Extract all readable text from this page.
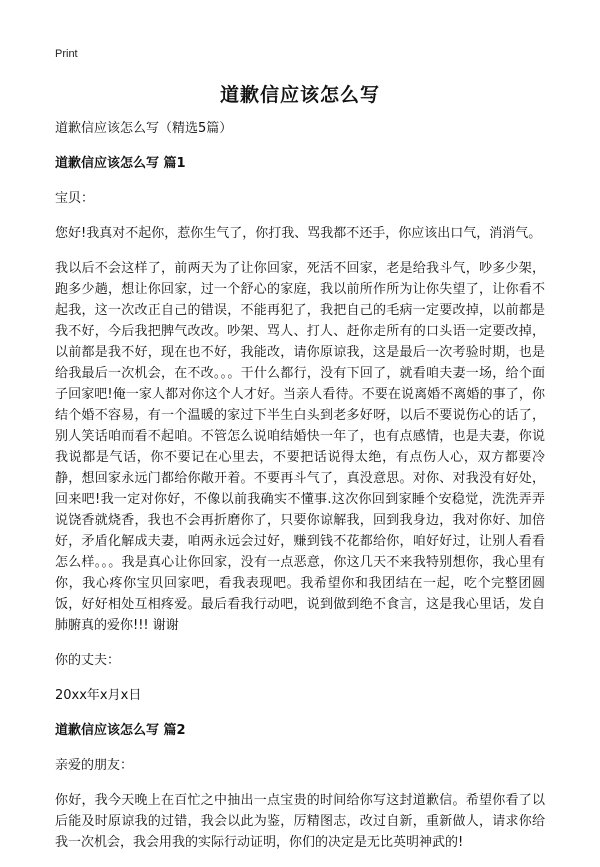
Print
道歉信应该怎么写

道歉信应该怎么写（精选5篇）

道歉信应该怎么写 篇1

宝贝：

您好!我真对不起你，惹你生气了，你打我、骂我都不还手，你应该出口气，消消气。

我以后不会这样了，前两天为了让你回家，死活不回家，老是给我斗气，吵多少架，跑多少趟，想让你回家，过一个舒心的家庭，我以前所作所为让你失望了，让你看不起我，这一次改正自己的错误，不能再犯了，我把自己的毛病一定要改掉，以前都是我不好，今后我把脾气改改。吵架、骂人、打人、赶你走所有的口头语一定要改掉，以前都是我不好，现在也不好，我能改，请你原谅我，这是最后一次考验时期，也是给我最后一次机会，在不改。。。干什么都行，没有下回了，就看咱夫妻一场，给个面子回家吧!俺一家人都对你这个人才好。当亲人看待。不要在说离婚不离婚的事了，你结个婚不容易，有一个温暖的家过下半生白头到老多好呀，以后不要说伤心的话了，别人笑话咱而看不起咱。不管怎么说咱结婚快一年了，也有点感情，也是夫妻，你说我说都是气话，你不要记在心里去，不要把话说得太绝，有点伤人心，双方都要冷静，想回家永远门都给你敞开着。不要再斗气了，真没意思。对你、对我没有好处，回来吧!我一定对你好，不像以前我确实不懂事.这次你回到家睡个安稳觉，洗洗弄弄说饶香就烧香，我也不会再折磨你了，只要你谅解我，回到我身边，我对你好、加倍好，矛盾化解成夫妻，咱两永远会过好，赚到钱不花都给你，咱好好过，让别人看看怎么样。。。我是真心让你回家，没有一点恶意，你这几天不来我特别想你，我心里有你，我心疼你宝贝回家吧，看我表现吧。我希望你和我团结在一起，吃个完整团圆饭，好好相处互相疼爱。最后看我行动吧，说到做到绝不食言，这是我心里话，发自肺腑真的爱你!!! 谢谢

你的丈夫：

20xx年x月x日

道歉信应该怎么写 篇2

亲爱的朋友：

你好，我今天晚上在百忙之中抽出一点宝贵的时间给你写这封道歉信。希望你看了以后能及时原谅我的过错，我会以此为鉴，厉精图志，改过自新，重新做人，请求你给我一次机会，我会用我的实际行动证明，你们的决定是无比英明神武的!
